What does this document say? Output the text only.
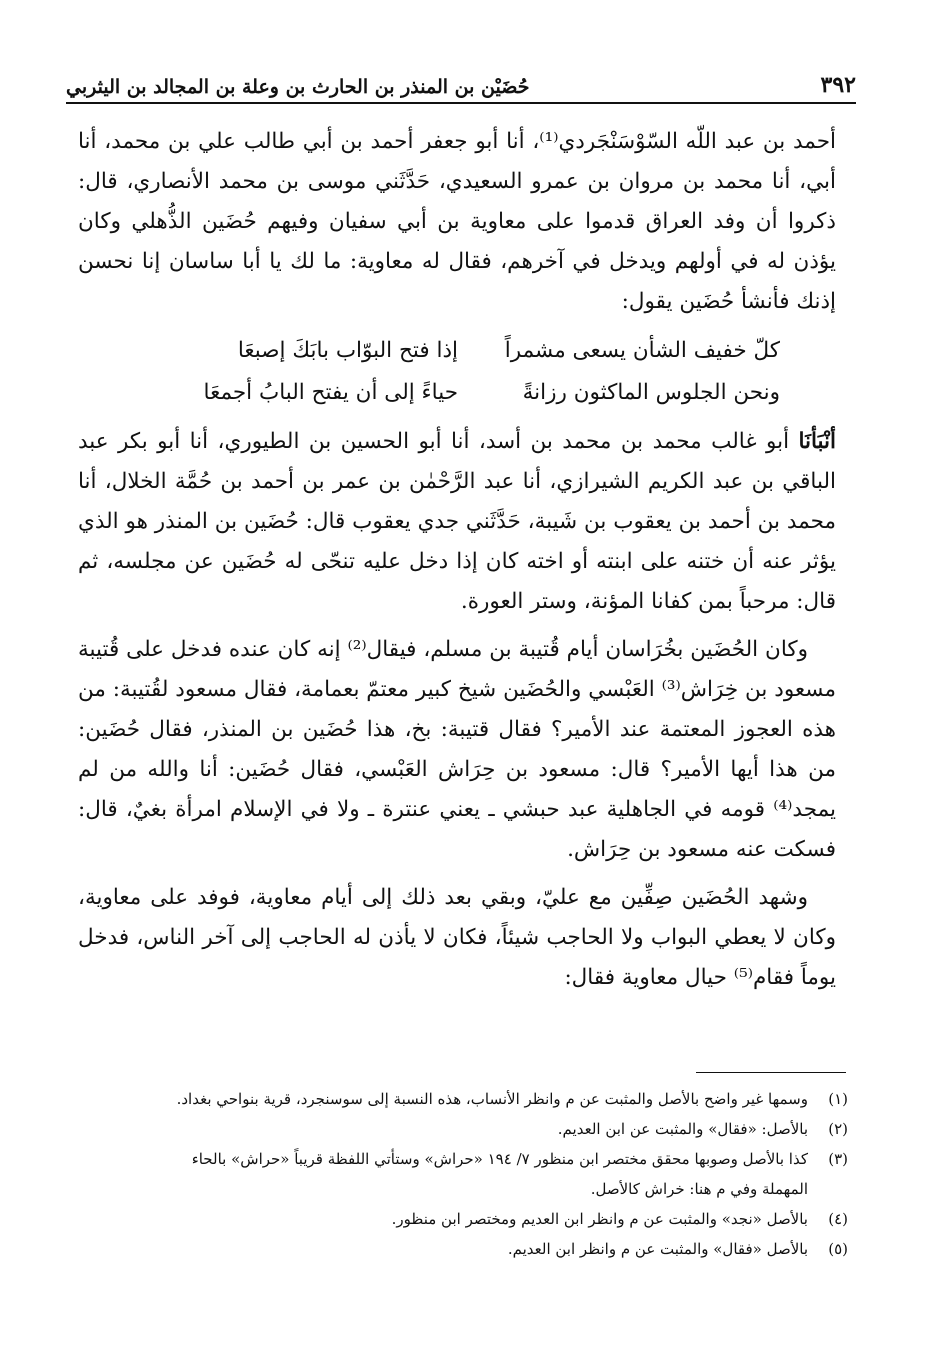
٣٩٢
حُضَيْن بن المنذر بن الحارث بن وعلة بن المجالد بن اليثربي

أحمد بن عبد اللّه السّوْسَنْجَردي⁽¹⁾، أنا أبو جعفر أحمد بن أبي طالب علي بن محمد، أنا أبي، أنا محمد بن مروان بن عمرو السعيدي، حَدَّثَني موسى بن محمد الأنصاري، قال: ذكروا أن وفد العراق قدموا على معاوية بن أبي سفيان وفيهم حُضَين الذُّهلي وكان يؤذن له في أولهم ويدخل في آخرهم، فقال له معاوية: ما لك يا أبا ساسان إنا نحسن إذنك فأنشأ حُضَين يقول:

كلّ خفيف الشأن يسعى مشمراً
إذا فتح البوّاب بابَكَ إصبعَا
ونحن الجلوس الماكثون رزانةً
حياءً إلى أن يفتح البابُ أجمعَا

أنْبَأنَا أبو غالب محمد بن محمد بن أسد، أنا أبو الحسين بن الطيوري، أنا أبو بكر عبد الباقي بن عبد الكريم الشيرازي، أنا عبد الرَّحْمٰن بن عمر بن أحمد بن حُمَّة الخلال، أنا محمد بن أحمد بن يعقوب بن شَيبة، حَدَّثَني جدي يعقوب قال: حُضَين بن المنذر هو الذي يؤثر عنه أن ختنه على ابنته أو اخته كان إذا دخل عليه تنحّى له حُضَين عن مجلسه، ثم قال: مرحباً بمن كفانا المؤنة، وستر العورة.

وكان الحُضَين بخُرَاسان أيام قُتيبة بن مسلم، فيقال⁽²⁾ إنه كان عنده فدخل على قُتيبة مسعود بن خِرَاش⁽³⁾ العَبْسي والحُضَين شيخ كبير معتمّ بعمامة، فقال مسعود لقُتيبة: من هذه العجوز المعتمة عند الأمير؟ فقال قتيبة: بخ، هذا حُضَين بن المنذر، فقال حُضَين: من هذا أيها الأمير؟ قال: مسعود بن حِرَاش العَبْسي، فقال حُضَين: أنا والله من لم يمجد⁽⁴⁾ قومه في الجاهلية عبد حبشي ـ يعني عنترة ـ ولا في الإسلام امرأة بغيٌ، قال: فسكت عنه مسعود بن حِرَاش.

وشهد الحُضَين صِفِّين مع عليّ، وبقي بعد ذلك إلى أيام معاوية، فوفد على معاوية، وكان لا يعطي البواب ولا الحاجب شيئاً، فكان لا يأذن له الحاجب إلى آخر الناس، فدخل يوماً فقام⁽⁵⁾ حيال معاوية فقال:

(١)
وسمها غير واضح بالأصل والمثبت عن م وانظر الأنساب، هذه النسبة إلى سوسنجرد، قرية بنواحي بغداد.
(٢)
بالأصل: «فقال» والمثبت عن ابن العديم.
(٣)
كذا بالأصل وصوبها محقق مختصر ابن منظور ٧/ ١٩٤ «حراش» وستأتي اللفظة قريباً «حراش» بالحاء
المهملة وفي م هنا: خراش كالأصل.
(٤)
بالأصل «نجد» والمثبت عن م وانظر ابن العديم ومختصر ابن منظور.
(٥)
بالأصل «فقال» والمثبت عن م وانظر ابن العديم.
